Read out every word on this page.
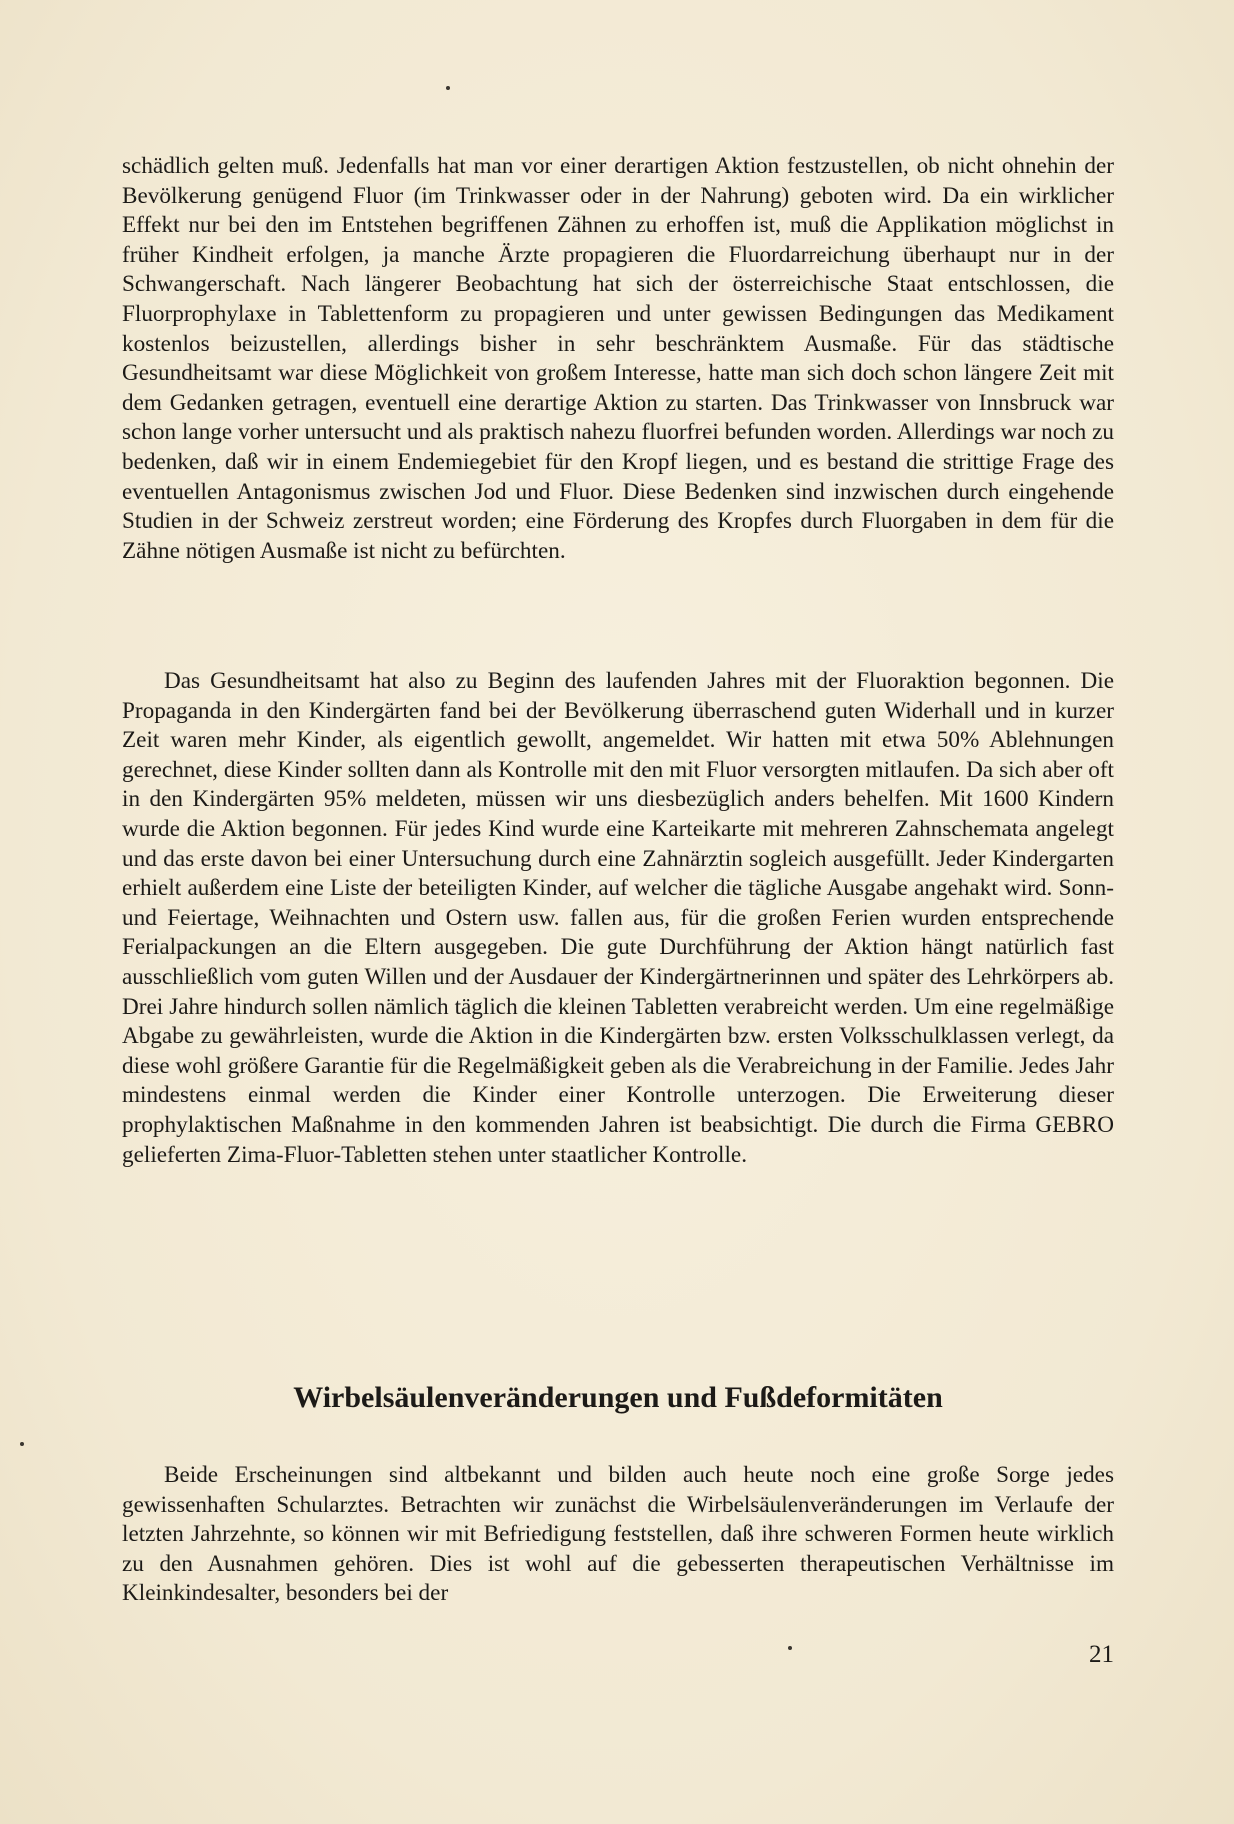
schädlich gelten muß. Jedenfalls hat man vor einer derartigen Aktion festzustellen, ob nicht ohnehin der Bevölkerung genügend Fluor (im Trinkwasser oder in der Nahrung) geboten wird. Da ein wirklicher Effekt nur bei den im Entstehen begriffenen Zähnen zu erhoffen ist, muß die Applikation möglichst in früher Kindheit erfolgen, ja manche Ärzte propagieren die Fluordarreichung überhaupt nur in der Schwangerschaft. Nach längerer Beobachtung hat sich der österreichische Staat entschlossen, die Fluorprophylaxe in Tablettenform zu propagieren und unter gewissen Bedingungen das Medikament kostenlos beizustellen, allerdings bisher in sehr beschränktem Ausmaße. Für das städtische Gesundheitsamt war diese Möglichkeit von großem Interesse, hatte man sich doch schon längere Zeit mit dem Gedanken getragen, eventuell eine derartige Aktion zu starten. Das Trinkwasser von Innsbruck war schon lange vorher untersucht und als praktisch nahezu fluorfrei befunden worden. Allerdings war noch zu bedenken, daß wir in einem Endemiegebiet für den Kropf liegen, und es bestand die strittige Frage des eventuellen Antagonismus zwischen Jod und Fluor. Diese Bedenken sind inzwischen durch eingehende Studien in der Schweiz zerstreut worden; eine Förderung des Kropfes durch Fluorgaben in dem für die Zähne nötigen Ausmaße ist nicht zu befürchten.

Das Gesundheitsamt hat also zu Beginn des laufenden Jahres mit der Fluoraktion begonnen. Die Propaganda in den Kindergärten fand bei der Bevölkerung überraschend guten Widerhall und in kurzer Zeit waren mehr Kinder, als eigentlich gewollt, angemeldet. Wir hatten mit etwa 50% Ablehnungen gerechnet, diese Kinder sollten dann als Kontrolle mit den mit Fluor versorgten mitlaufen. Da sich aber oft in den Kindergärten 95% meldeten, müssen wir uns diesbezüglich anders behelfen. Mit 1600 Kindern wurde die Aktion begonnen. Für jedes Kind wurde eine Karteikarte mit mehreren Zahnschemata angelegt und das erste davon bei einer Untersuchung durch eine Zahnärztin sogleich ausgefüllt. Jeder Kindergarten erhielt außerdem eine Liste der beteiligten Kinder, auf welcher die tägliche Ausgabe angehakt wird. Sonn- und Feiertage, Weihnachten und Ostern usw. fallen aus, für die großen Ferien wurden entsprechende Ferialpackungen an die Eltern ausgegeben. Die gute Durchführung der Aktion hängt natürlich fast ausschließlich vom guten Willen und der Ausdauer der Kindergärtnerinnen und später des Lehrkörpers ab. Drei Jahre hindurch sollen nämlich täglich die kleinen Tabletten verabreicht werden. Um eine regelmäßige Abgabe zu gewährleisten, wurde die Aktion in die Kindergärten bzw. ersten Volksschulklassen verlegt, da diese wohl größere Garantie für die Regelmäßigkeit geben als die Verabreichung in der Familie. Jedes Jahr mindestens einmal werden die Kinder einer Kontrolle unterzogen. Die Erweiterung dieser prophylaktischen Maßnahme in den kommenden Jahren ist beabsichtigt. Die durch die Firma GEBRO gelieferten Zima-Fluor-Tabletten stehen unter staatlicher Kontrolle.

Wirbelsäulenveränderungen und Fußdeformitäten

Beide Erscheinungen sind altbekannt und bilden auch heute noch eine große Sorge jedes gewissenhaften Schularztes. Betrachten wir zunächst die Wirbelsäulenveränderungen im Verlaufe der letzten Jahrzehnte, so können wir mit Befriedigung feststellen, daß ihre schweren Formen heute wirklich zu den Ausnahmen gehören. Dies ist wohl auf die gebesserten therapeutischen Verhältnisse im Kleinkindesalter, besonders bei der

21
